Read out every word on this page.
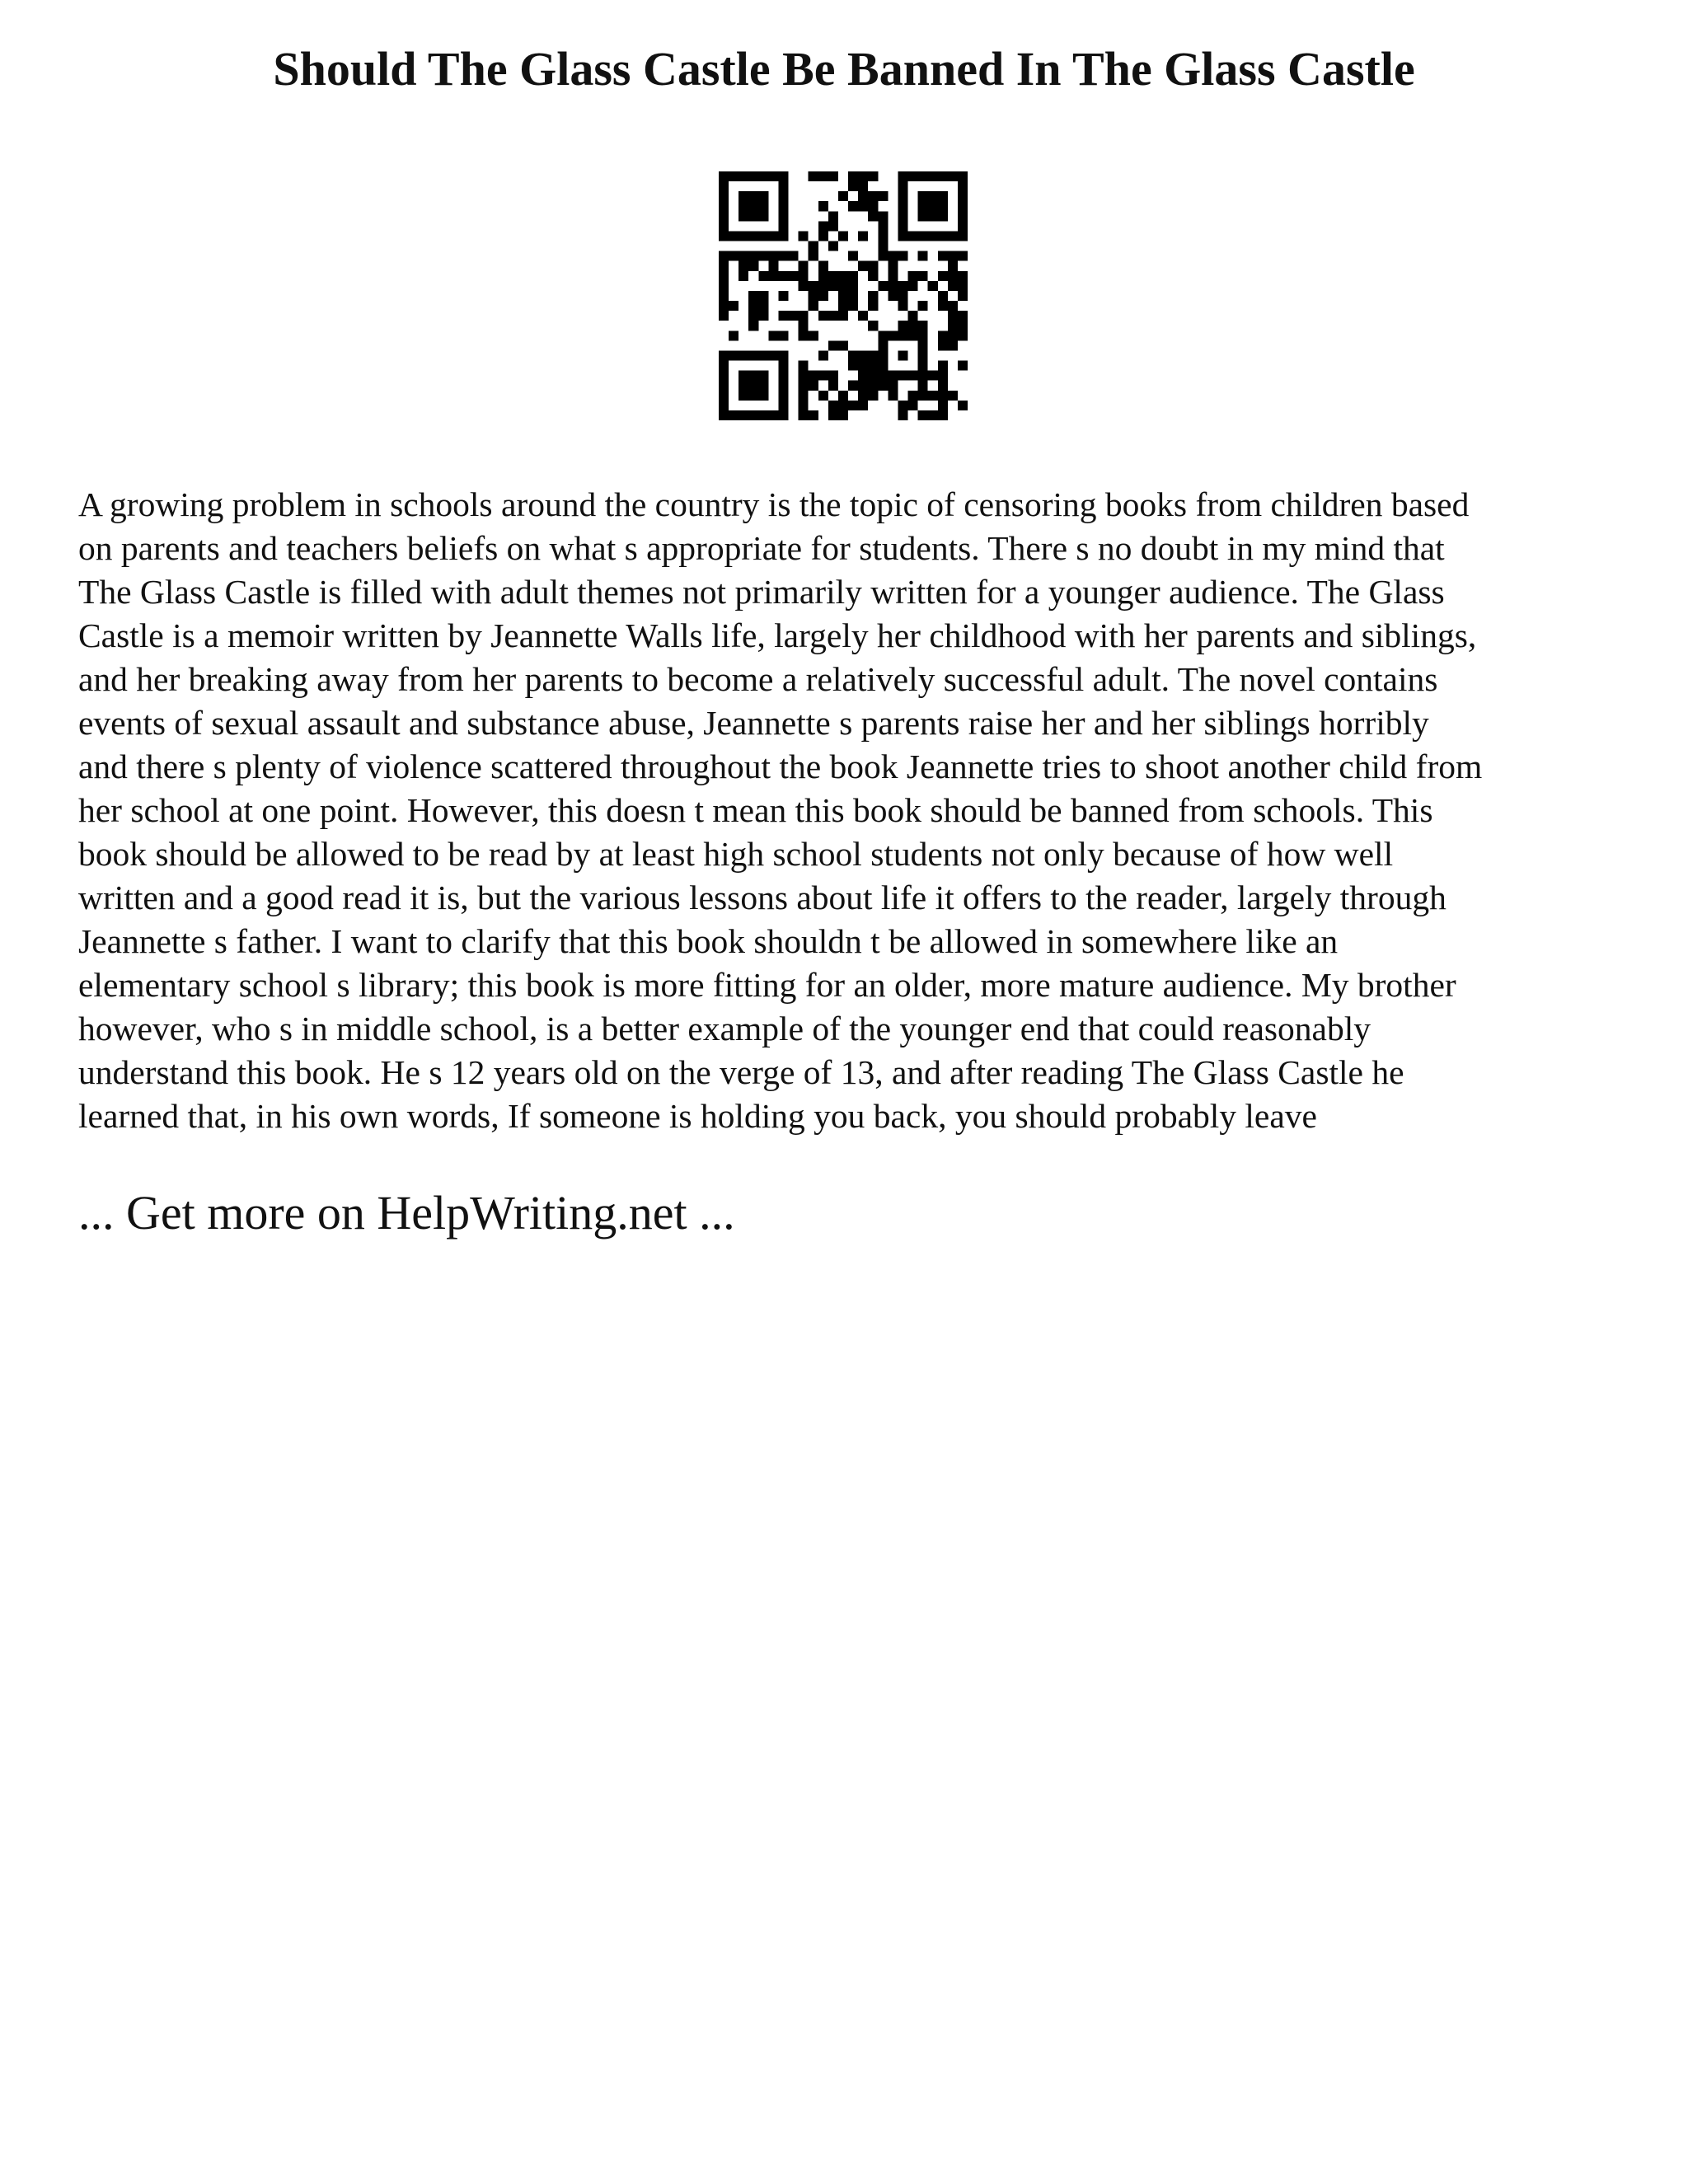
Should The Glass Castle Be Banned In The Glass Castle
A growing problem in schools around the country is the topic of censoring books from children based
on parents and teachers beliefs on what s appropriate for students. There s no doubt in my mind that
The Glass Castle is filled with adult themes not primarily written for a younger audience. The Glass
Castle is a memoir written by Jeannette Walls life, largely her childhood with her parents and siblings,
and her breaking away from her parents to become a relatively successful adult. The novel contains
events of sexual assault and substance abuse, Jeannette s parents raise her and her siblings horribly
and there s plenty of violence scattered throughout the book Jeannette tries to shoot another child from
her school at one point. However, this doesn t mean this book should be banned from schools. This
book should be allowed to be read by at least high school students not only because of how well
written and a good read it is, but the various lessons about life it offers to the reader, largely through
Jeannette s father. I want to clarify that this book shouldn t be allowed in somewhere like an
elementary school s library; this book is more fitting for an older, more mature audience. My brother
however, who s in middle school, is a better example of the younger end that could reasonably
understand this book. He s 12 years old on the verge of 13, and after reading The Glass Castle he
learned that, in his own words, If someone is holding you back, you should probably leave
... Get more on HelpWriting.net ...
